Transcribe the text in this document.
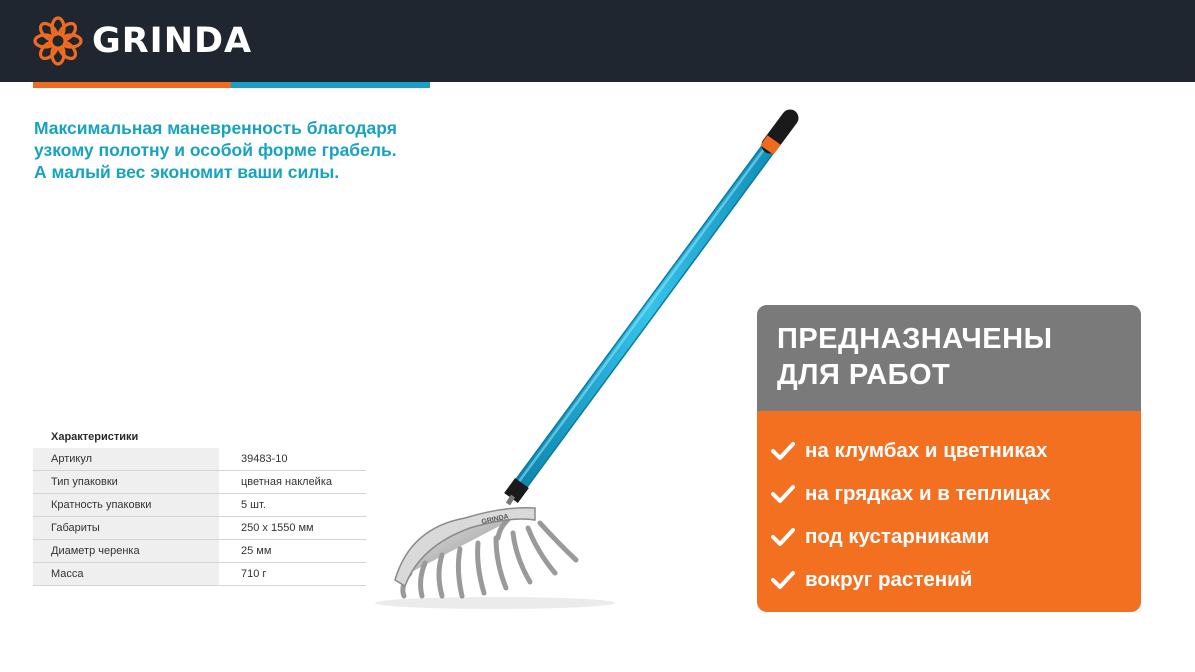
GRINDA

Максимальная маневренность благодаря
узкому полотну и особой форме грабель.
А малый вес экономит ваши силы.

Характеристики
Артикул	39483-10
Тип упаковки	цветная наклейка
Кратность упаковки	5 шт.
Габариты	250 х 1550 мм
Диаметр черенка	25 мм
Масса	710 г
GRINDA
ПРЕДНАЗНАЧЕНЫ
ДЛЯ РАБОТ
на клумбах и цветниках
на грядках и в теплицах
под кустарниками
вокруг растений
